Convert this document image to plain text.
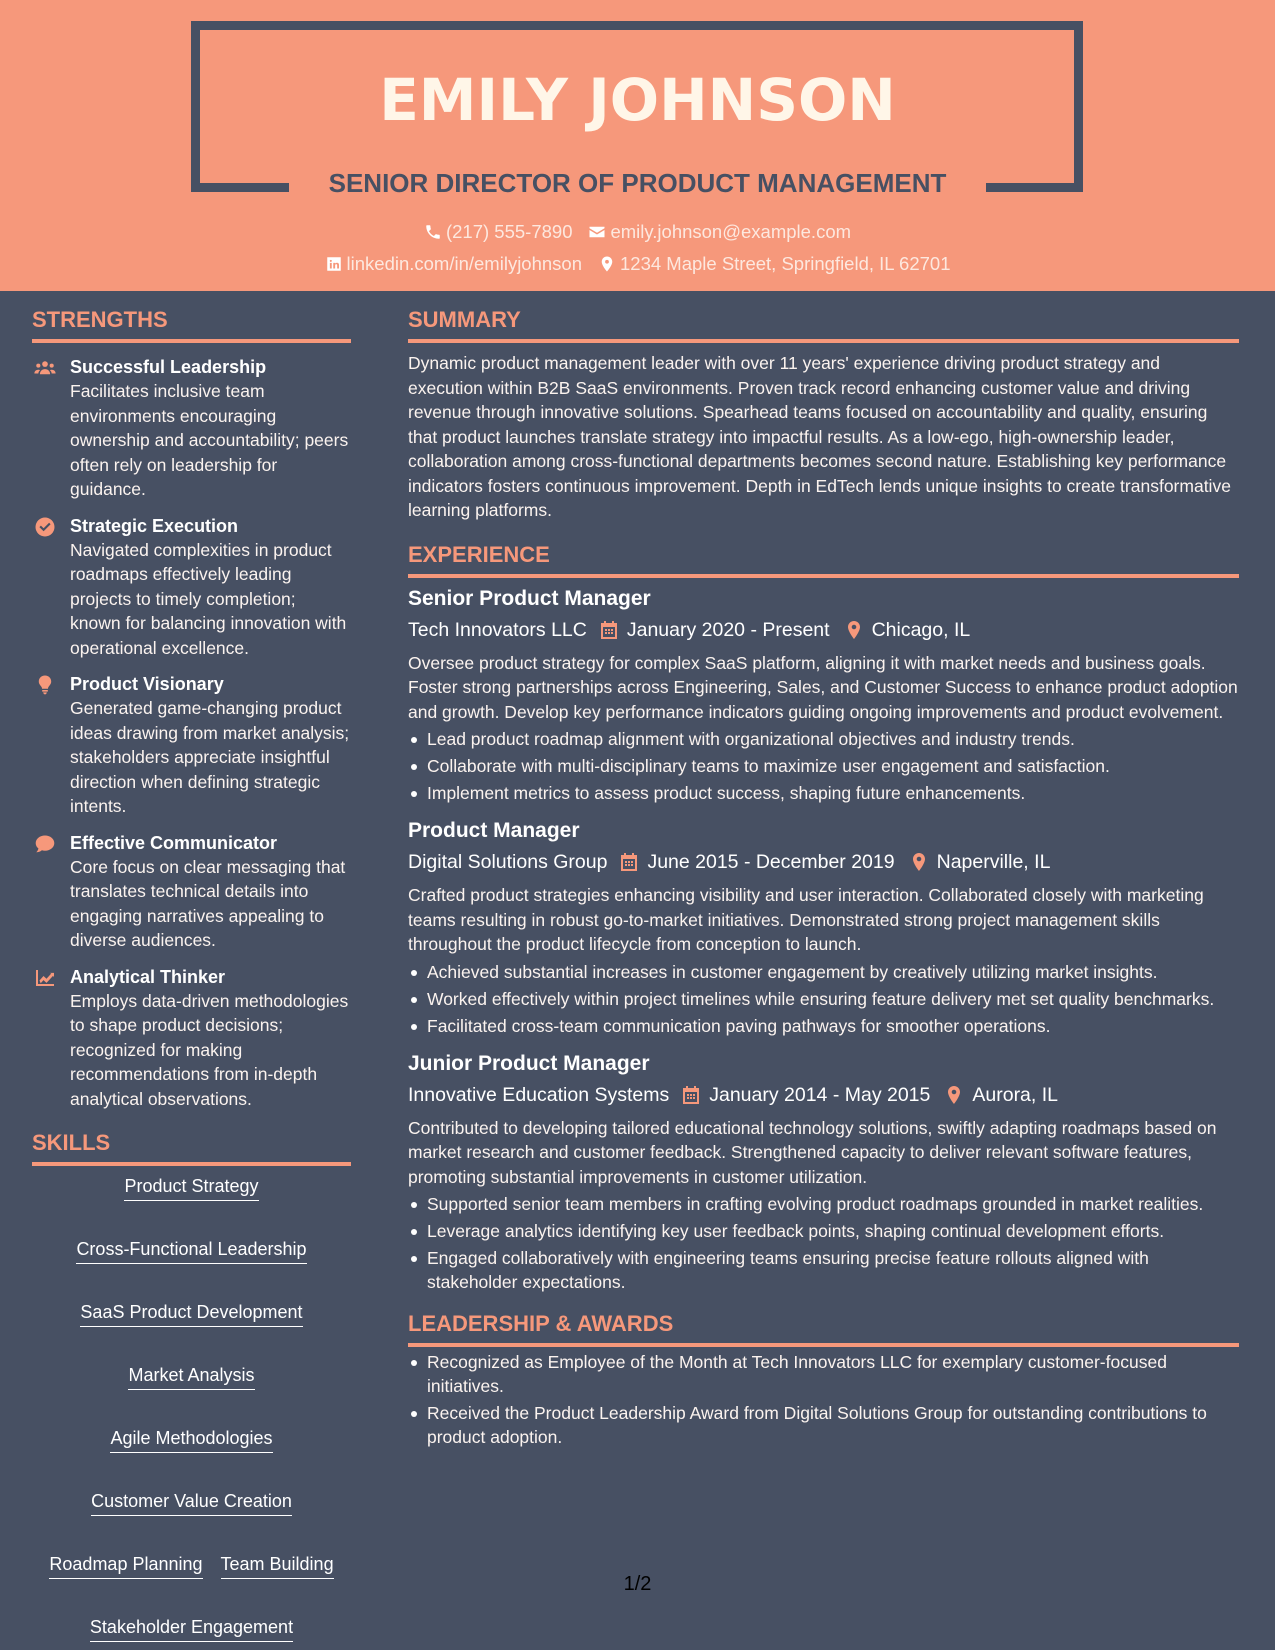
EMILY JOHNSON
SENIOR DIRECTOR OF PRODUCT MANAGEMENT
(217) 555-7890 emily.johnson@example.com
linkedin.com/in/emilyjohnson 1234 Maple Street, Springfield, IL 62701
STRENGTHS
Successful Leadership
Facilitates inclusive team environments encouraging ownership and accountability; peers often rely on leadership for guidance.
Strategic Execution
Navigated complexities in product roadmaps effectively leading projects to timely completion; known for balancing innovation with operational excellence.
Product Visionary
Generated game-changing product ideas drawing from market analysis; stakeholders appreciate insightful direction when defining strategic intents.
Effective Communicator
Core focus on clear messaging that translates technical details into engaging narratives appealing to diverse audiences.
Analytical Thinker
Employs data-driven methodologies to shape product decisions; recognized for making recommendations from in-depth analytical observations.
SKILLS
Product Strategy
Cross-Functional Leadership
SaaS Product Development
Market Analysis
Agile Methodologies
Customer Value Creation
Roadmap Planning Team Building
Stakeholder Engagement
SUMMARY
Dynamic product management leader with over 11 years' experience driving product strategy and execution within B2B SaaS environments. Proven track record enhancing customer value and driving revenue through innovative solutions. Spearhead teams focused on accountability and quality, ensuring that product launches translate strategy into impactful results. As a low-ego, high-ownership leader, collaboration among cross-functional departments becomes second nature. Establishing key performance indicators fosters continuous improvement. Depth in EdTech lends unique insights to create transformative learning platforms.
EXPERIENCE
Senior Product Manager
Tech Innovators LLC January 2020 - Present Chicago, IL
Oversee product strategy for complex SaaS platform, aligning it with market needs and business goals. Foster strong partnerships across Engineering, Sales, and Customer Success to enhance product adoption and growth. Develop key performance indicators guiding ongoing improvements and product evolvement.
Lead product roadmap alignment with organizational objectives and industry trends.
Collaborate with multi-disciplinary teams to maximize user engagement and satisfaction.
Implement metrics to assess product success, shaping future enhancements.
Product Manager
Digital Solutions Group June 2015 - December 2019 Naperville, IL
Crafted product strategies enhancing visibility and user interaction. Collaborated closely with marketing teams resulting in robust go-to-market initiatives. Demonstrated strong project management skills throughout the product lifecycle from conception to launch.
Achieved substantial increases in customer engagement by creatively utilizing market insights.
Worked effectively within project timelines while ensuring feature delivery met set quality benchmarks.
Facilitated cross-team communication paving pathways for smoother operations.
Junior Product Manager
Innovative Education Systems January 2014 - May 2015 Aurora, IL
Contributed to developing tailored educational technology solutions, swiftly adapting roadmaps based on market research and customer feedback. Strengthened capacity to deliver relevant software features, promoting substantial improvements in customer utilization.
Supported senior team members in crafting evolving product roadmaps grounded in market realities.
Leverage analytics identifying key user feedback points, shaping continual development efforts.
Engaged collaboratively with engineering teams ensuring precise feature rollouts aligned with stakeholder expectations.
LEADERSHIP & AWARDS
Recognized as Employee of the Month at Tech Innovators LLC for exemplary customer-focused initiatives.
Received the Product Leadership Award from Digital Solutions Group for outstanding contributions to product adoption.
1/2
